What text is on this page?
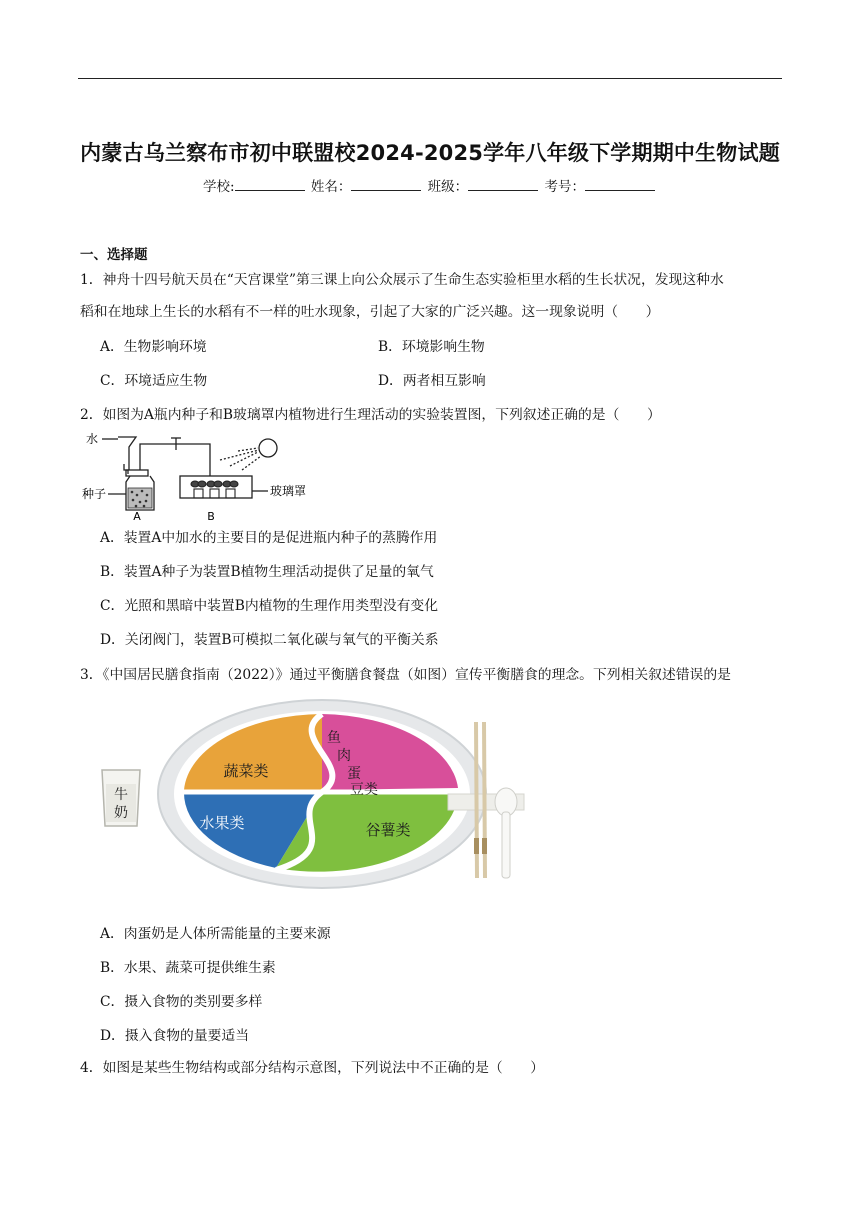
内蒙古乌兰察布市初中联盟校2024-2025学年八年级下学期期中生物试题
学校:	姓名：	班级：	考号：
一、选择题
1．神舟十四号航天员在“天宫课堂”第三课上向公众展示了生命生态实验柜里水稻的生长状况，发现这种水
稻和在地球上生长的水稻有不一样的吐水现象，引起了大家的广泛兴趣。这一现象说明（　　）
A．生物影响环境	B．环境影响生物
C．环境适应生物	D．两者相互影响
2．如图为A瓶内种子和B玻璃罩内植物进行生理活动的实验装置图，下列叙述正确的是（　　）
水
种子	玻璃罩
A	B
A．装置A中加水的主要目的是促进瓶内种子的蒸腾作用
B．装置A种子为装置B植物生理活动提供了足量的氧气
C．光照和黑暗中装置B内植物的生理作用类型没有变化
D．关闭阀门，装置B可模拟二氧化碳与氧气的平衡关系
3．《中国居民膳食指南（2022）》通过平衡膳食餐盘（如图）宣传平衡膳食的理念。下列相关叙述错误的是
牛
奶
蔬菜类
鱼
肉
蛋
豆类
水果类	谷薯类
A．肉蛋奶是人体所需能量的主要来源
B．水果、蔬菜可提供维生素
C．摄入食物的类别要多样
D．摄入食物的量要适当
4．如图是某些生物结构或部分结构示意图，下列说法中不正确的是（　　）
